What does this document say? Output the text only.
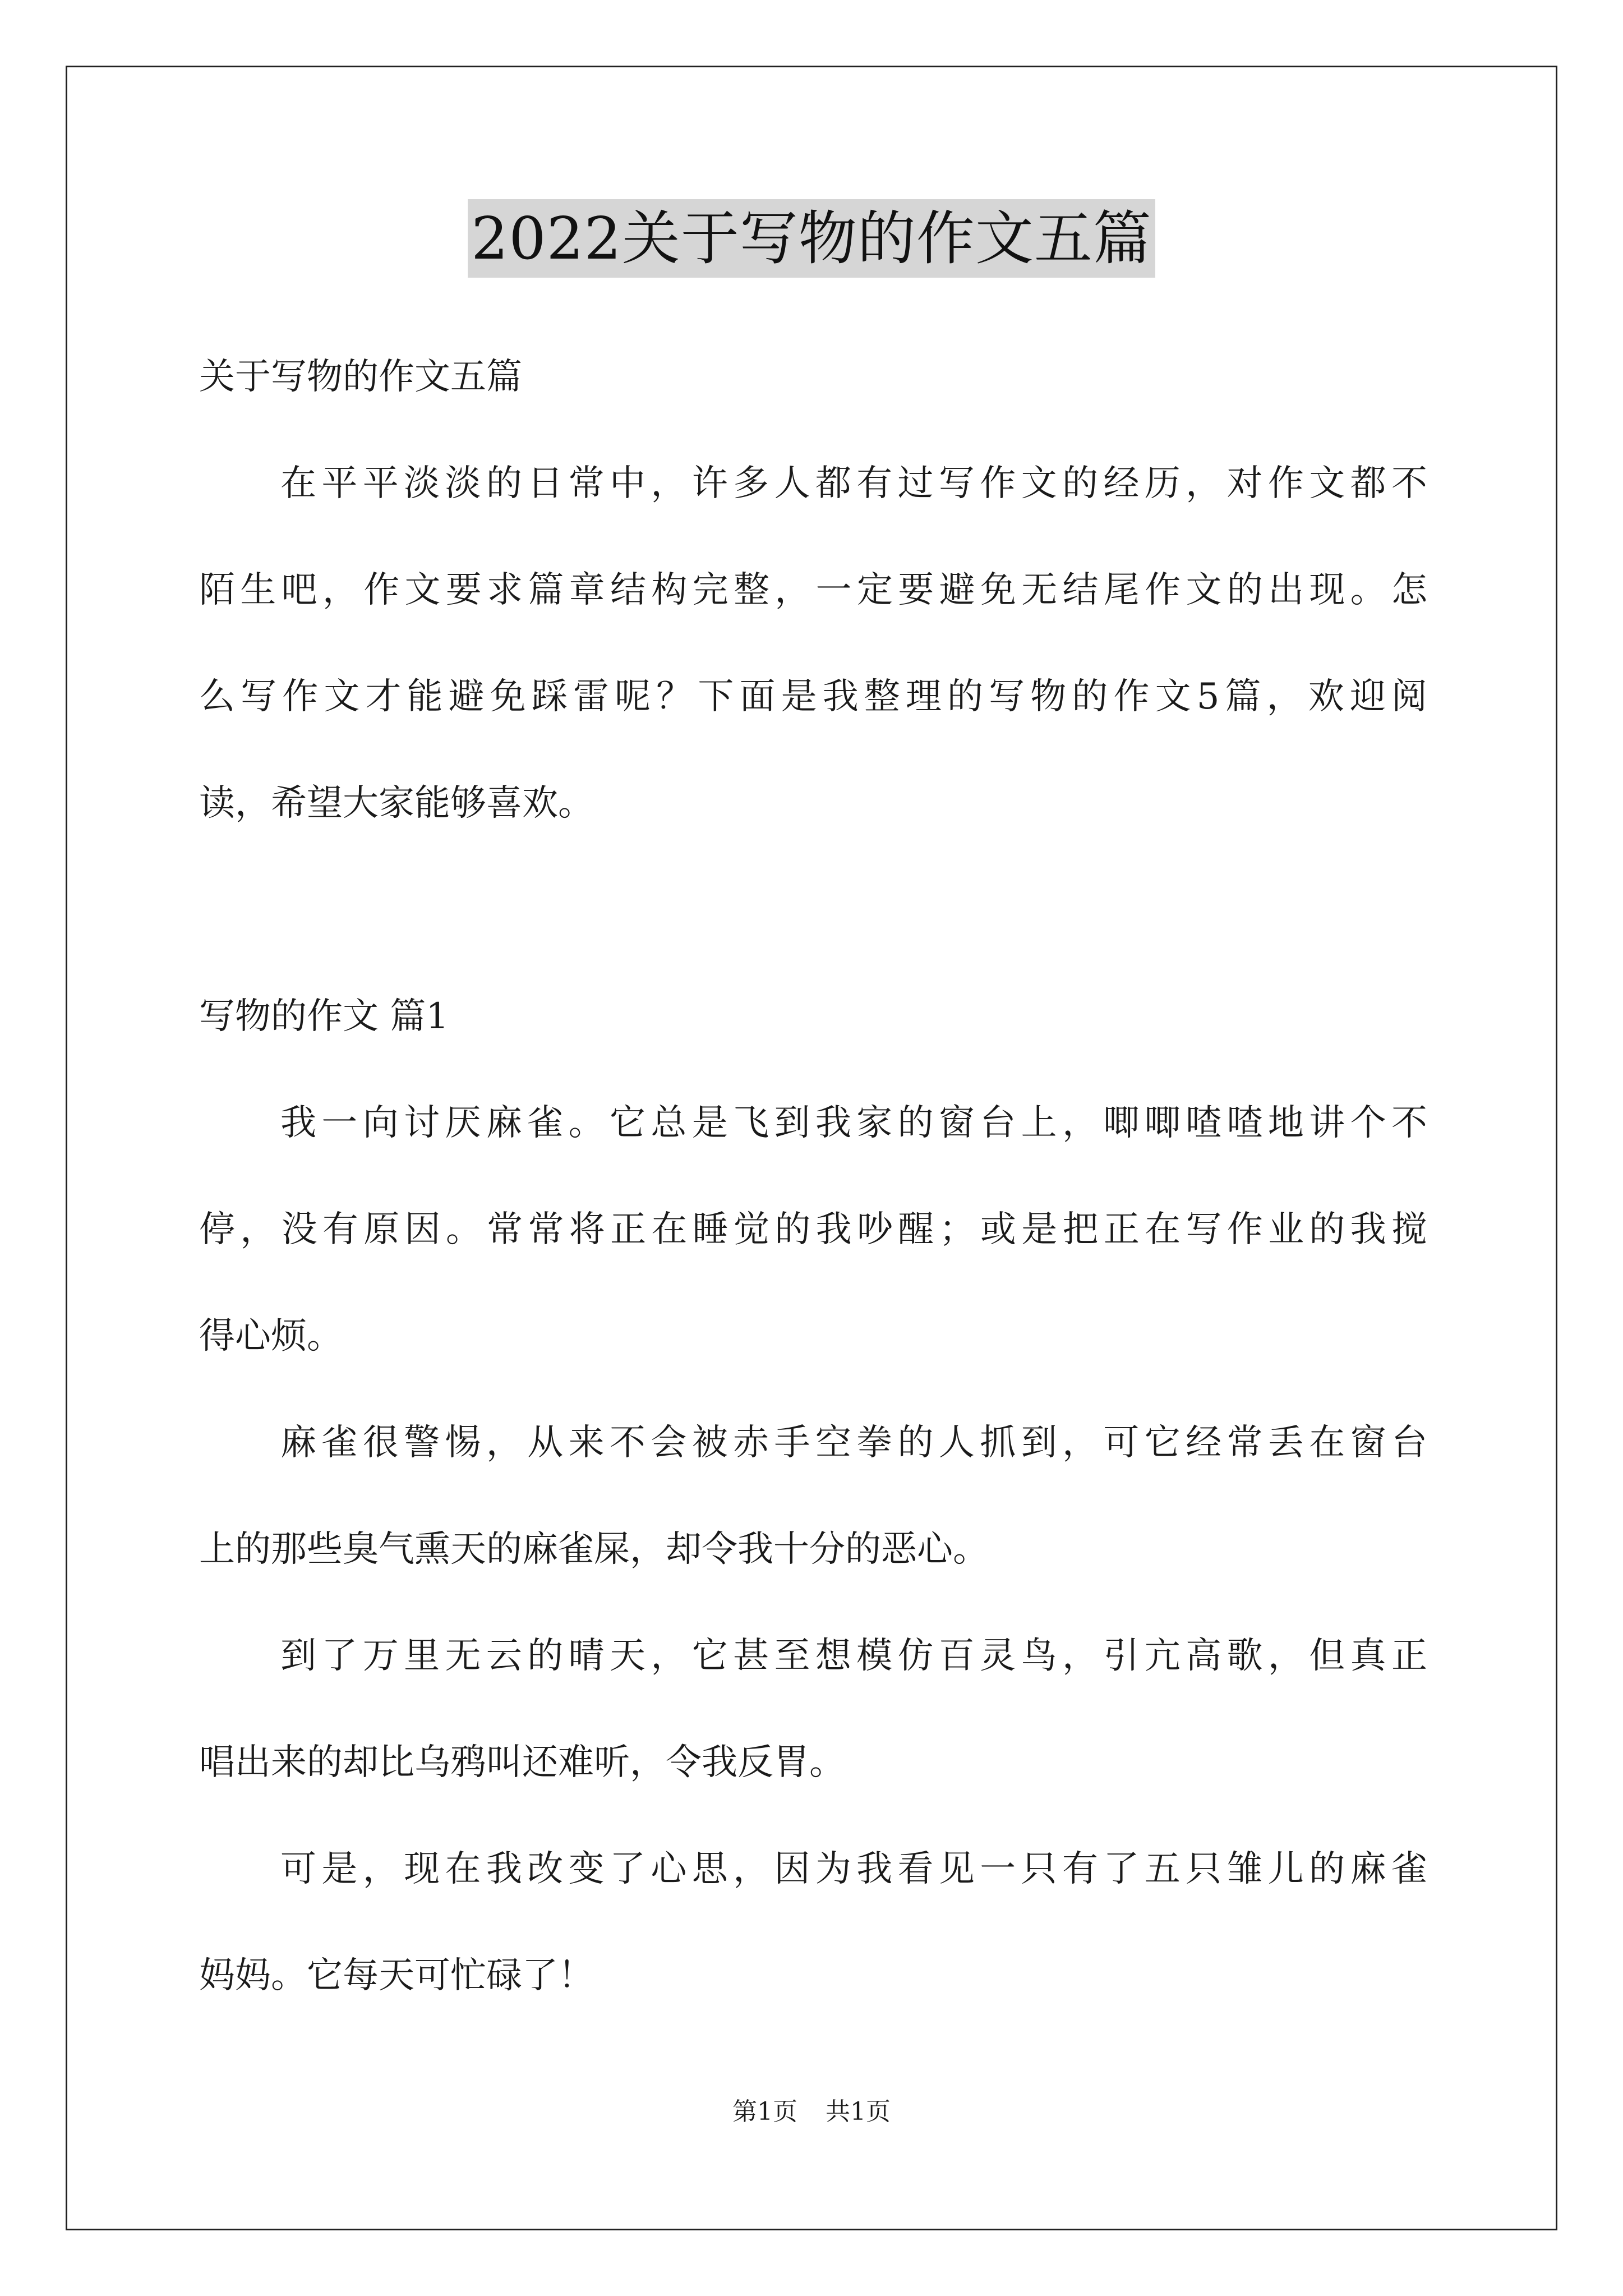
2022关于写物的作文五篇
关于写物的作文五篇
在平平淡淡的日常中，许多人都有过写作文的经历，对作文都不
陌生吧，作文要求篇章结构完整，一定要避免无结尾作文的出现。怎
么写作文才能避免踩雷呢？下面是我整理的写物的作文5篇，欢迎阅
读，希望大家能够喜欢。
写物的作文 篇1
我一向讨厌麻雀。它总是飞到我家的窗台上，唧唧喳喳地讲个不
停，没有原因。常常将正在睡觉的我吵醒；或是把正在写作业的我搅
得心烦。
麻雀很警惕，从来不会被赤手空拳的人抓到，可它经常丢在窗台
上的那些臭气熏天的麻雀屎，却令我十分的恶心。
到了万里无云的晴天，它甚至想模仿百灵鸟，引亢高歌，但真正
唱出来的却比乌鸦叫还难听，令我反胃。
可是，现在我改变了心思，因为我看见一只有了五只雏儿的麻雀
妈妈。它每天可忙碌了！
第1页 共1页
